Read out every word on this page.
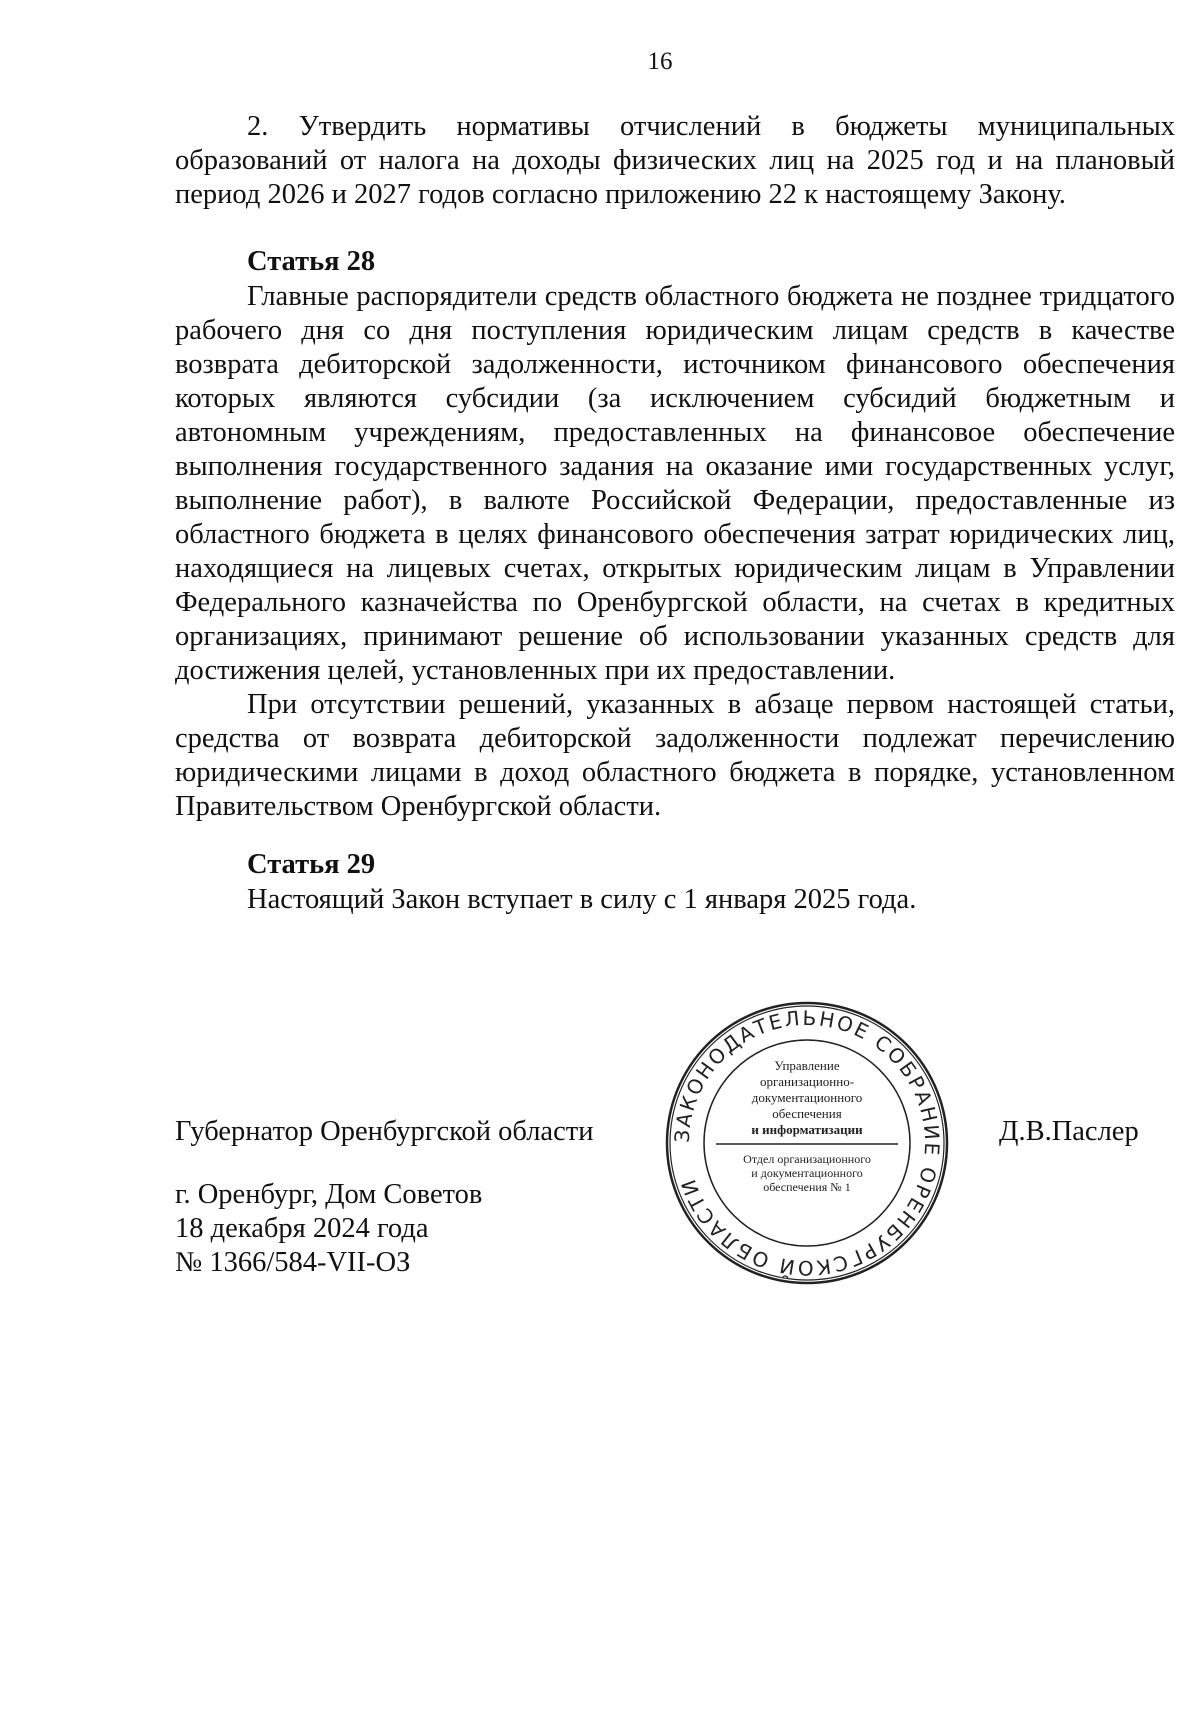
16

2. Утвердить нормативы отчислений в бюджеты муниципальных образований от налога на доходы физических лиц на 2025 год и на плановый период 2026 и 2027 годов согласно приложению 22 к настоящему Закону.

Статья 28

Главные распорядители средств областного бюджета не позднее тридцатого рабочего дня со дня поступления юридическим лицам средств в качестве возврата дебиторской задолженности, источником финансового обеспечения которых являются субсидии (за исключением субсидий бюджетным и автономным учреждениям, предоставленных на финансовое обеспечение выполнения государственного задания на оказание ими государственных услуг, выполнение работ), в валюте Российской Федерации, предоставленные из областного бюджета в целях финансового обеспечения затрат юридических лиц, находящиеся на лицевых счетах, открытых юридическим лицам в Управлении Федерального казначейства по Оренбургской области, на счетах в кредитных организациях, принимают решение об использовании указанных средств для достижения целей, установленных при их предоставлении.

При отсутствии решений, указанных в абзаце первом настоящей статьи, средства от возврата дебиторской задолженности подлежат перечислению юридическими лицами в доход областного бюджета в порядке, установленном Правительством Оренбургской области.

Статья 29
Настоящий Закон вступает в силу с 1 января 2025 года.
Губернатор Оренбургской области	Д.В.Паслер
г. Оренбург, Дом Советов
18 декабря 2024 года
№ 1366/584-VII-ОЗ
ЗАКОНОДАТЕЛЬНОЕ СОБРАНИЕ ОРЕНБУРГСКОЙ ОБЛАСТИ
Управление
организационно-
документационного
обеспечения
и информатизации
Отдел организационного
и документационного
обеспечения № 1
